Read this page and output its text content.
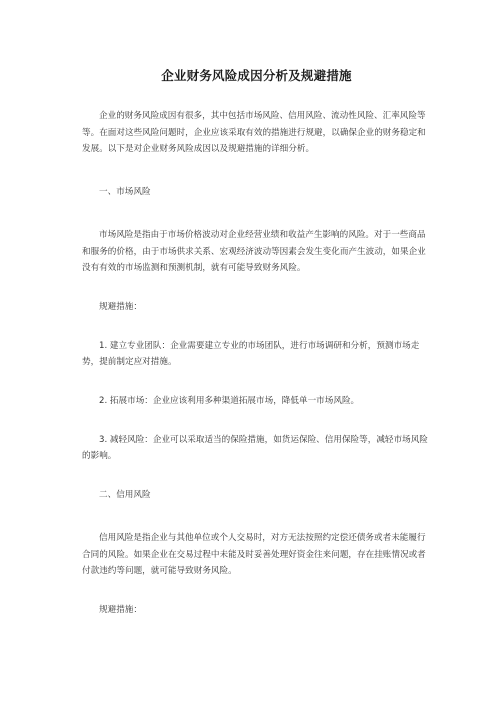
企业财务风险成因分析及规避措施

企业的财务风险成因有很多，其中包括市场风险、信用风险、流动性风险、汇率风险等等。在面对这些风险问题时，企业应该采取有效的措施进行规避，以确保企业的财务稳定和发展。以下是对企业财务风险成因以及规避措施的详细分析。

一、市场风险

市场风险是指由于市场价格波动对企业经营业绩和收益产生影响的风险。对于一些商品和服务的价格，由于市场供求关系、宏观经济波动等因素会发生变化而产生波动，如果企业没有有效的市场监测和预测机制，就有可能导致财务风险。

规避措施：

1. 建立专业团队：企业需要建立专业的市场团队，进行市场调研和分析，预测市场走势，提前制定应对措施。

2. 拓展市场：企业应该利用多种渠道拓展市场，降低单一市场风险。

3. 减轻风险：企业可以采取适当的保险措施，如货运保险、信用保险等，减轻市场风险的影响。

二、信用风险

信用风险是指企业与其他单位或个人交易时，对方无法按照约定偿还债务或者未能履行合同的风险。如果企业在交易过程中未能及时妥善处理好资金往来问题，存在挂账情况或者付款违约等问题，就可能导致财务风险。

规避措施：
